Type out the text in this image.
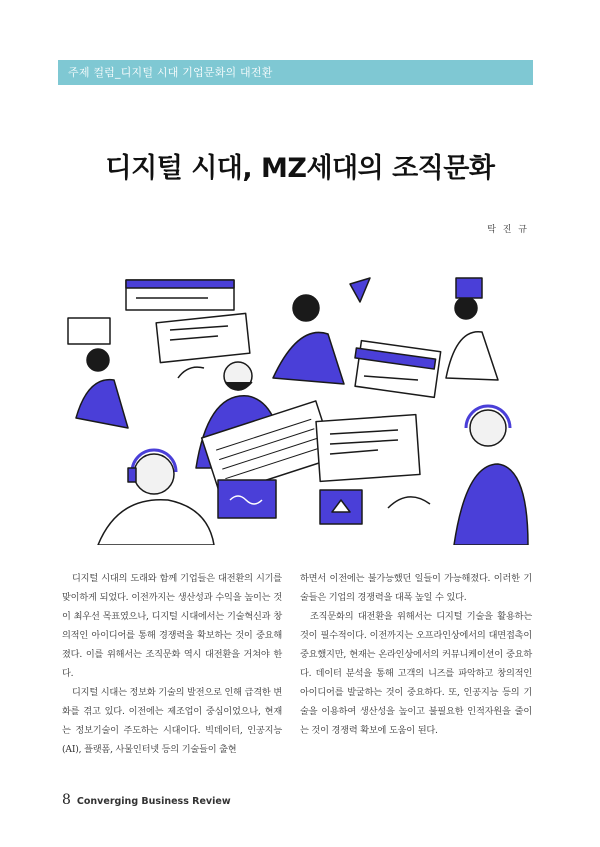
주제 컬럼_디지털 시대 기업문화의 대전환
디지털 시대, MZ세대의 조직문화
탁 진 규

디지털 시대의 도래와 함께 기업들은 대전환의 시기를 맞이하게 되었다. 이전까지는 생산성과 수익을 높이는 것이 최우선 목표였으나, 디지털 시대에서는 기술혁신과 창의적인 아이디어를 통해 경쟁력을 확보하는 것이 중요해졌다. 이를 위해서는 조직문화 역시 대전환을 거쳐야 한다.

디지털 시대는 정보화 기술의 발전으로 인해 급격한 변화를 겪고 있다. 이전에는 제조업이 중심이었으나, 현재는 정보기술이 주도하는 시대이다. 빅데이터, 인공지능(AI), 플랫폼, 사물인터넷 등의 기술들이 출현

하면서 이전에는 불가능했던 일들이 가능해졌다. 이러한 기술들은 기업의 경쟁력을 대폭 높일 수 있다.

조직문화의 대전환을 위해서는 디지털 기술을 활용하는 것이 필수적이다. 이전까지는 오프라인상에서의 대면접촉이 중요했지만, 현재는 온라인상에서의 커뮤니케이션이 중요하다. 데이터 분석을 통해 고객의 니즈를 파악하고 창의적인 아이디어를 발굴하는 것이 중요하다. 또, 인공지능 등의 기술을 이용하여 생산성을 높이고 불필요한 인적자원을 줄이는 것이 경쟁력 확보에 도움이 된다.

8 Converging Business Review
